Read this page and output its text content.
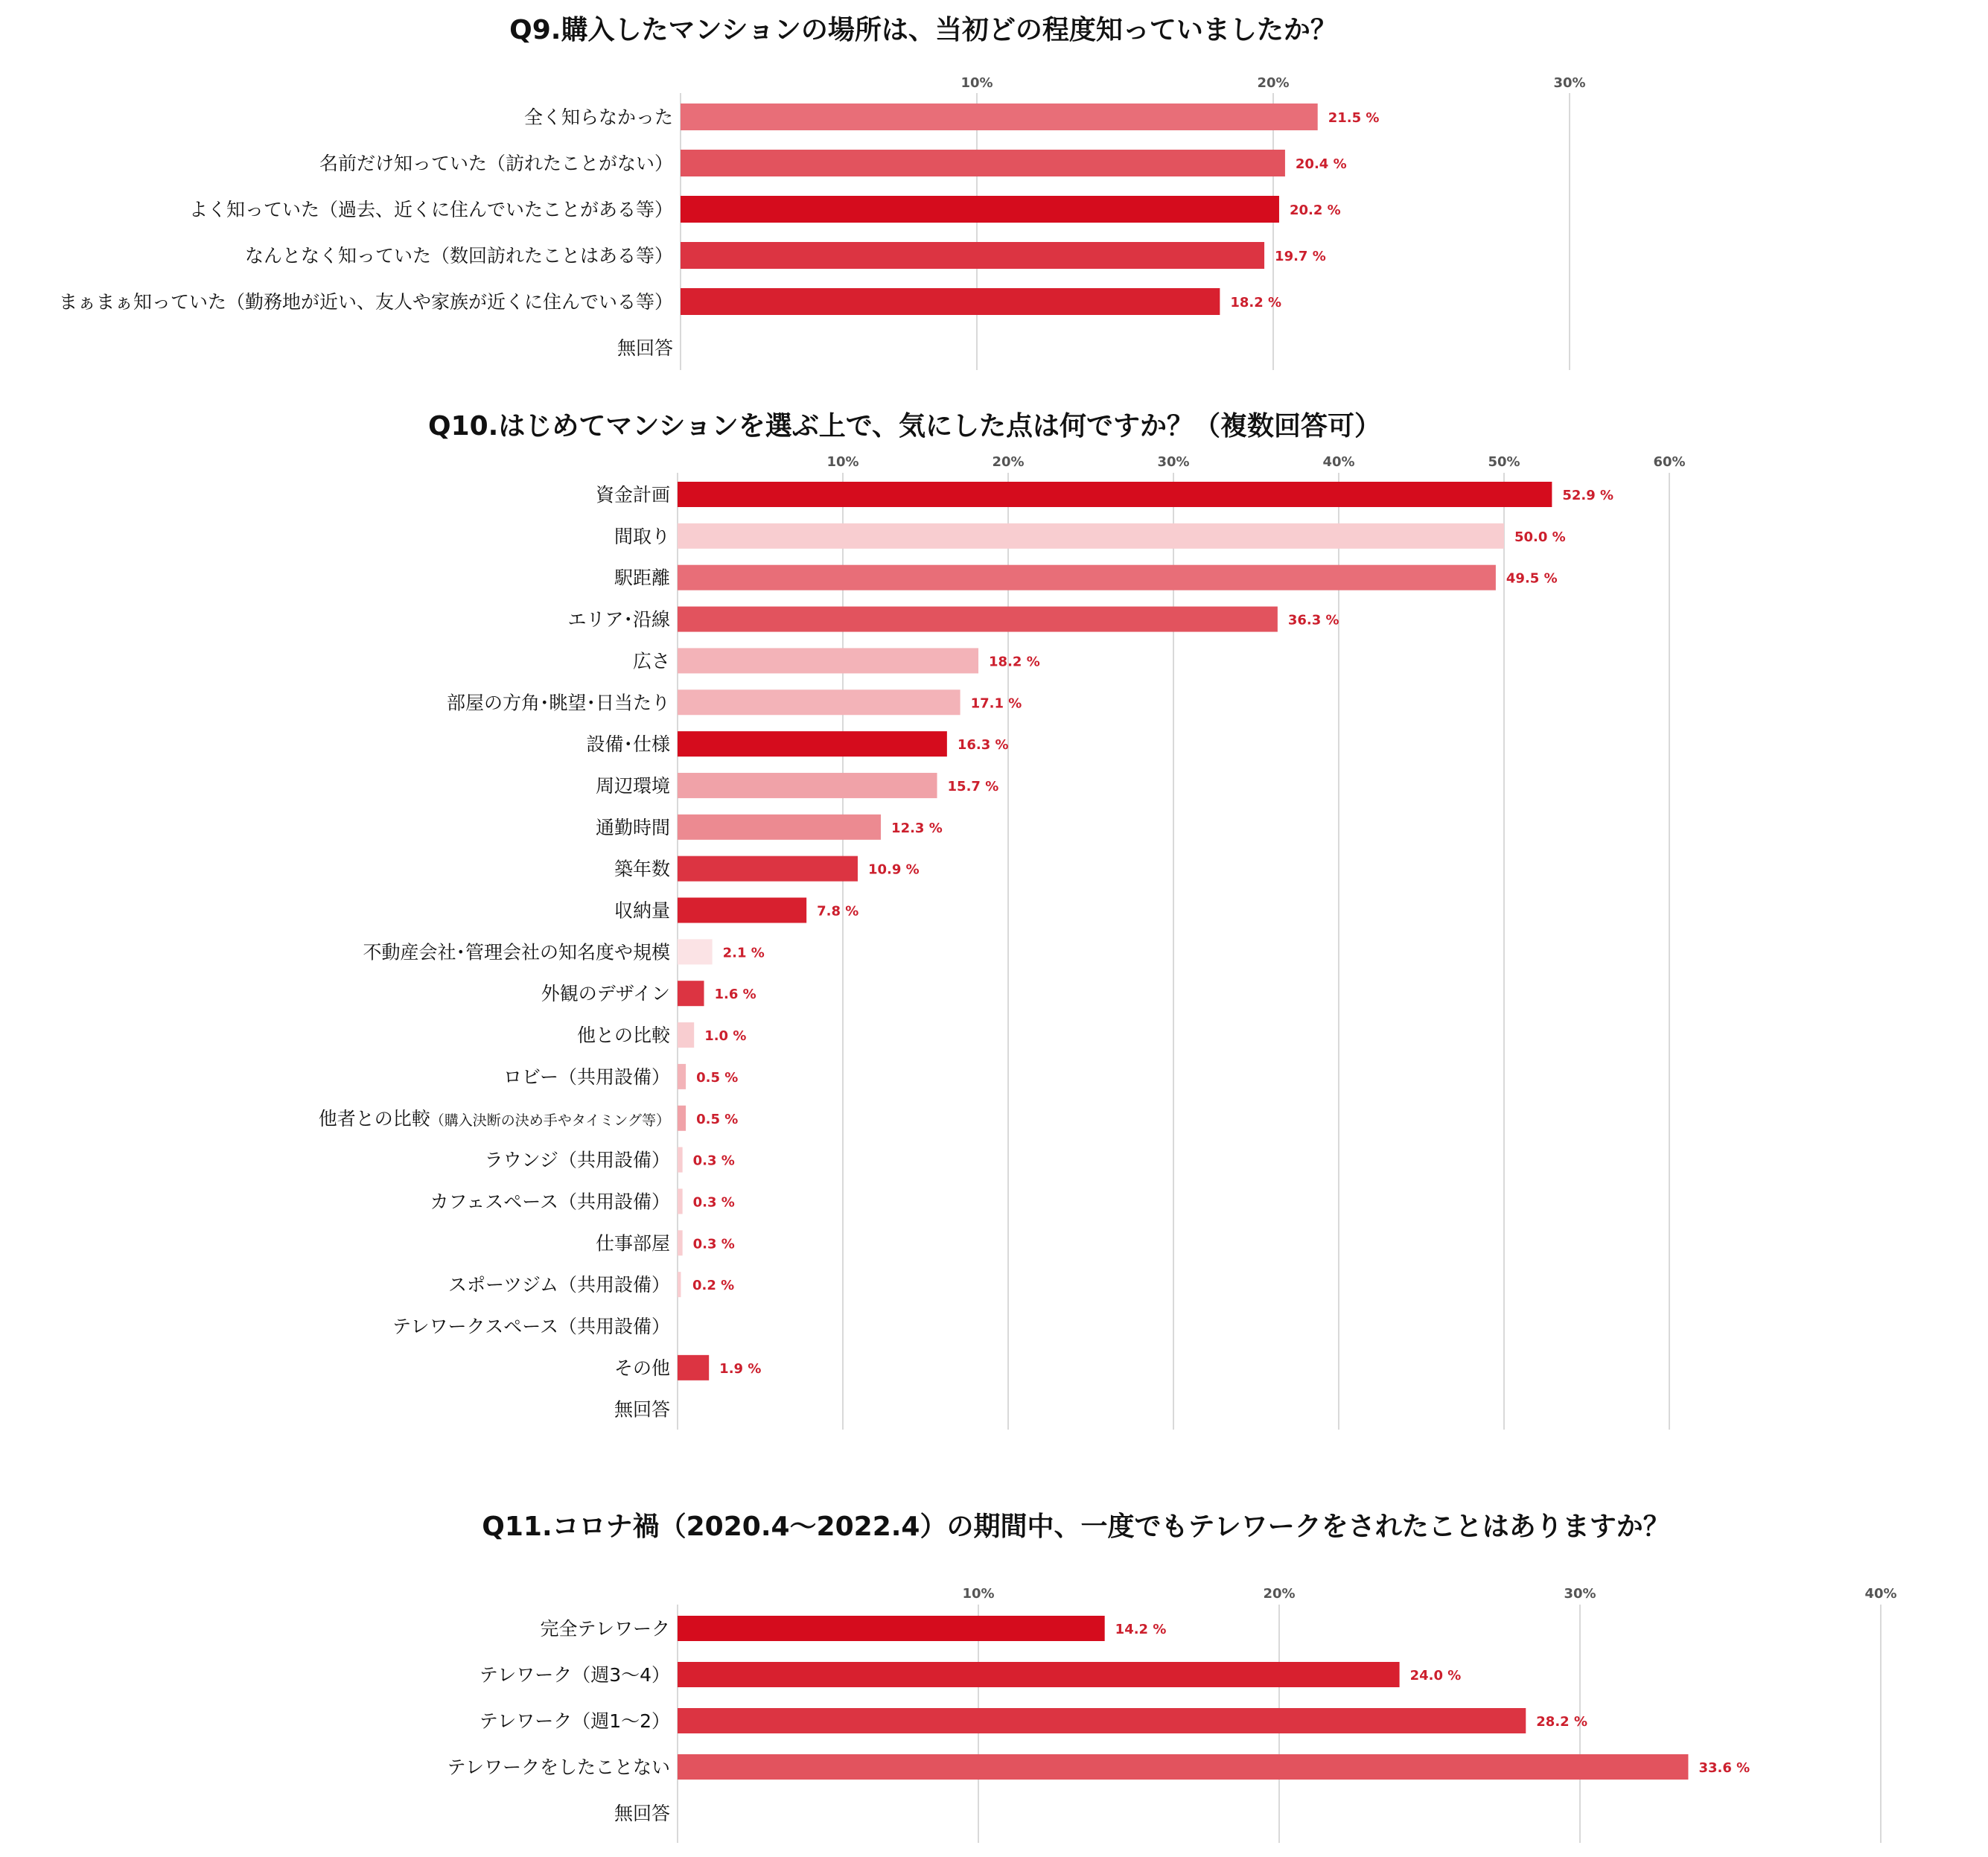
Q9.購入したマンションの場所は、当初どの程度知っていましたか？
10%	20%	30%
全く知らなかった	21.5 %
名前だけ知っていた（訪れたことがない）	20.4 %
よく知っていた（過去、近くに住んでいたことがある等）	20.2 %
なんとなく知っていた（数回訪れたことはある等）	19.7 %
まぁまぁ知っていた（勤務地が近い、友人や家族が近くに住んでいる等）	18.2 %
無回答
Q10.はじめてマンションを選ぶ上で、気にした点は何ですか？（複数回答可）
10%	20%	30%	40%	50%	60%
資金計画	52.9 %
間取り	50.0 %
駅距離	49.5 %
エリア･沿線	36.3 %
広さ	18.2 %
部屋の方角･眺望･日当たり	17.1 %
設備･仕様	16.3 %
周辺環境	15.7 %
通勤時間	12.3 %
築年数	10.9 %
収納量	7.8 %
不動産会社･管理会社の知名度や規模	2.1 %
外観のデザイン	1.6 %
他との比較	1.0 %
ロビー（共用設備） 0.5 %
他者との比較（購入決断の決め手やタイミング等） 0.5 %
ラウンジ（共用設備） 0.3 %
カフェスペース（共用設備） 0.3 %
仕事部屋 0.3 %
スポーツジム（共用設備） 0.2 %
テレワークスペース（共用設備）
その他	1.9 %
無回答
Q11.コロナ禍（2020.4～2022.4）の期間中、一度でもテレワークをされたことはありますか？
10%	20%	30%	40%
完全テレワーク	14.2 %
テレワーク（週3～4）	24.0 %
テレワーク（週1～2）	28.2 %
テレワークをしたことない	33.6 %
無回答
